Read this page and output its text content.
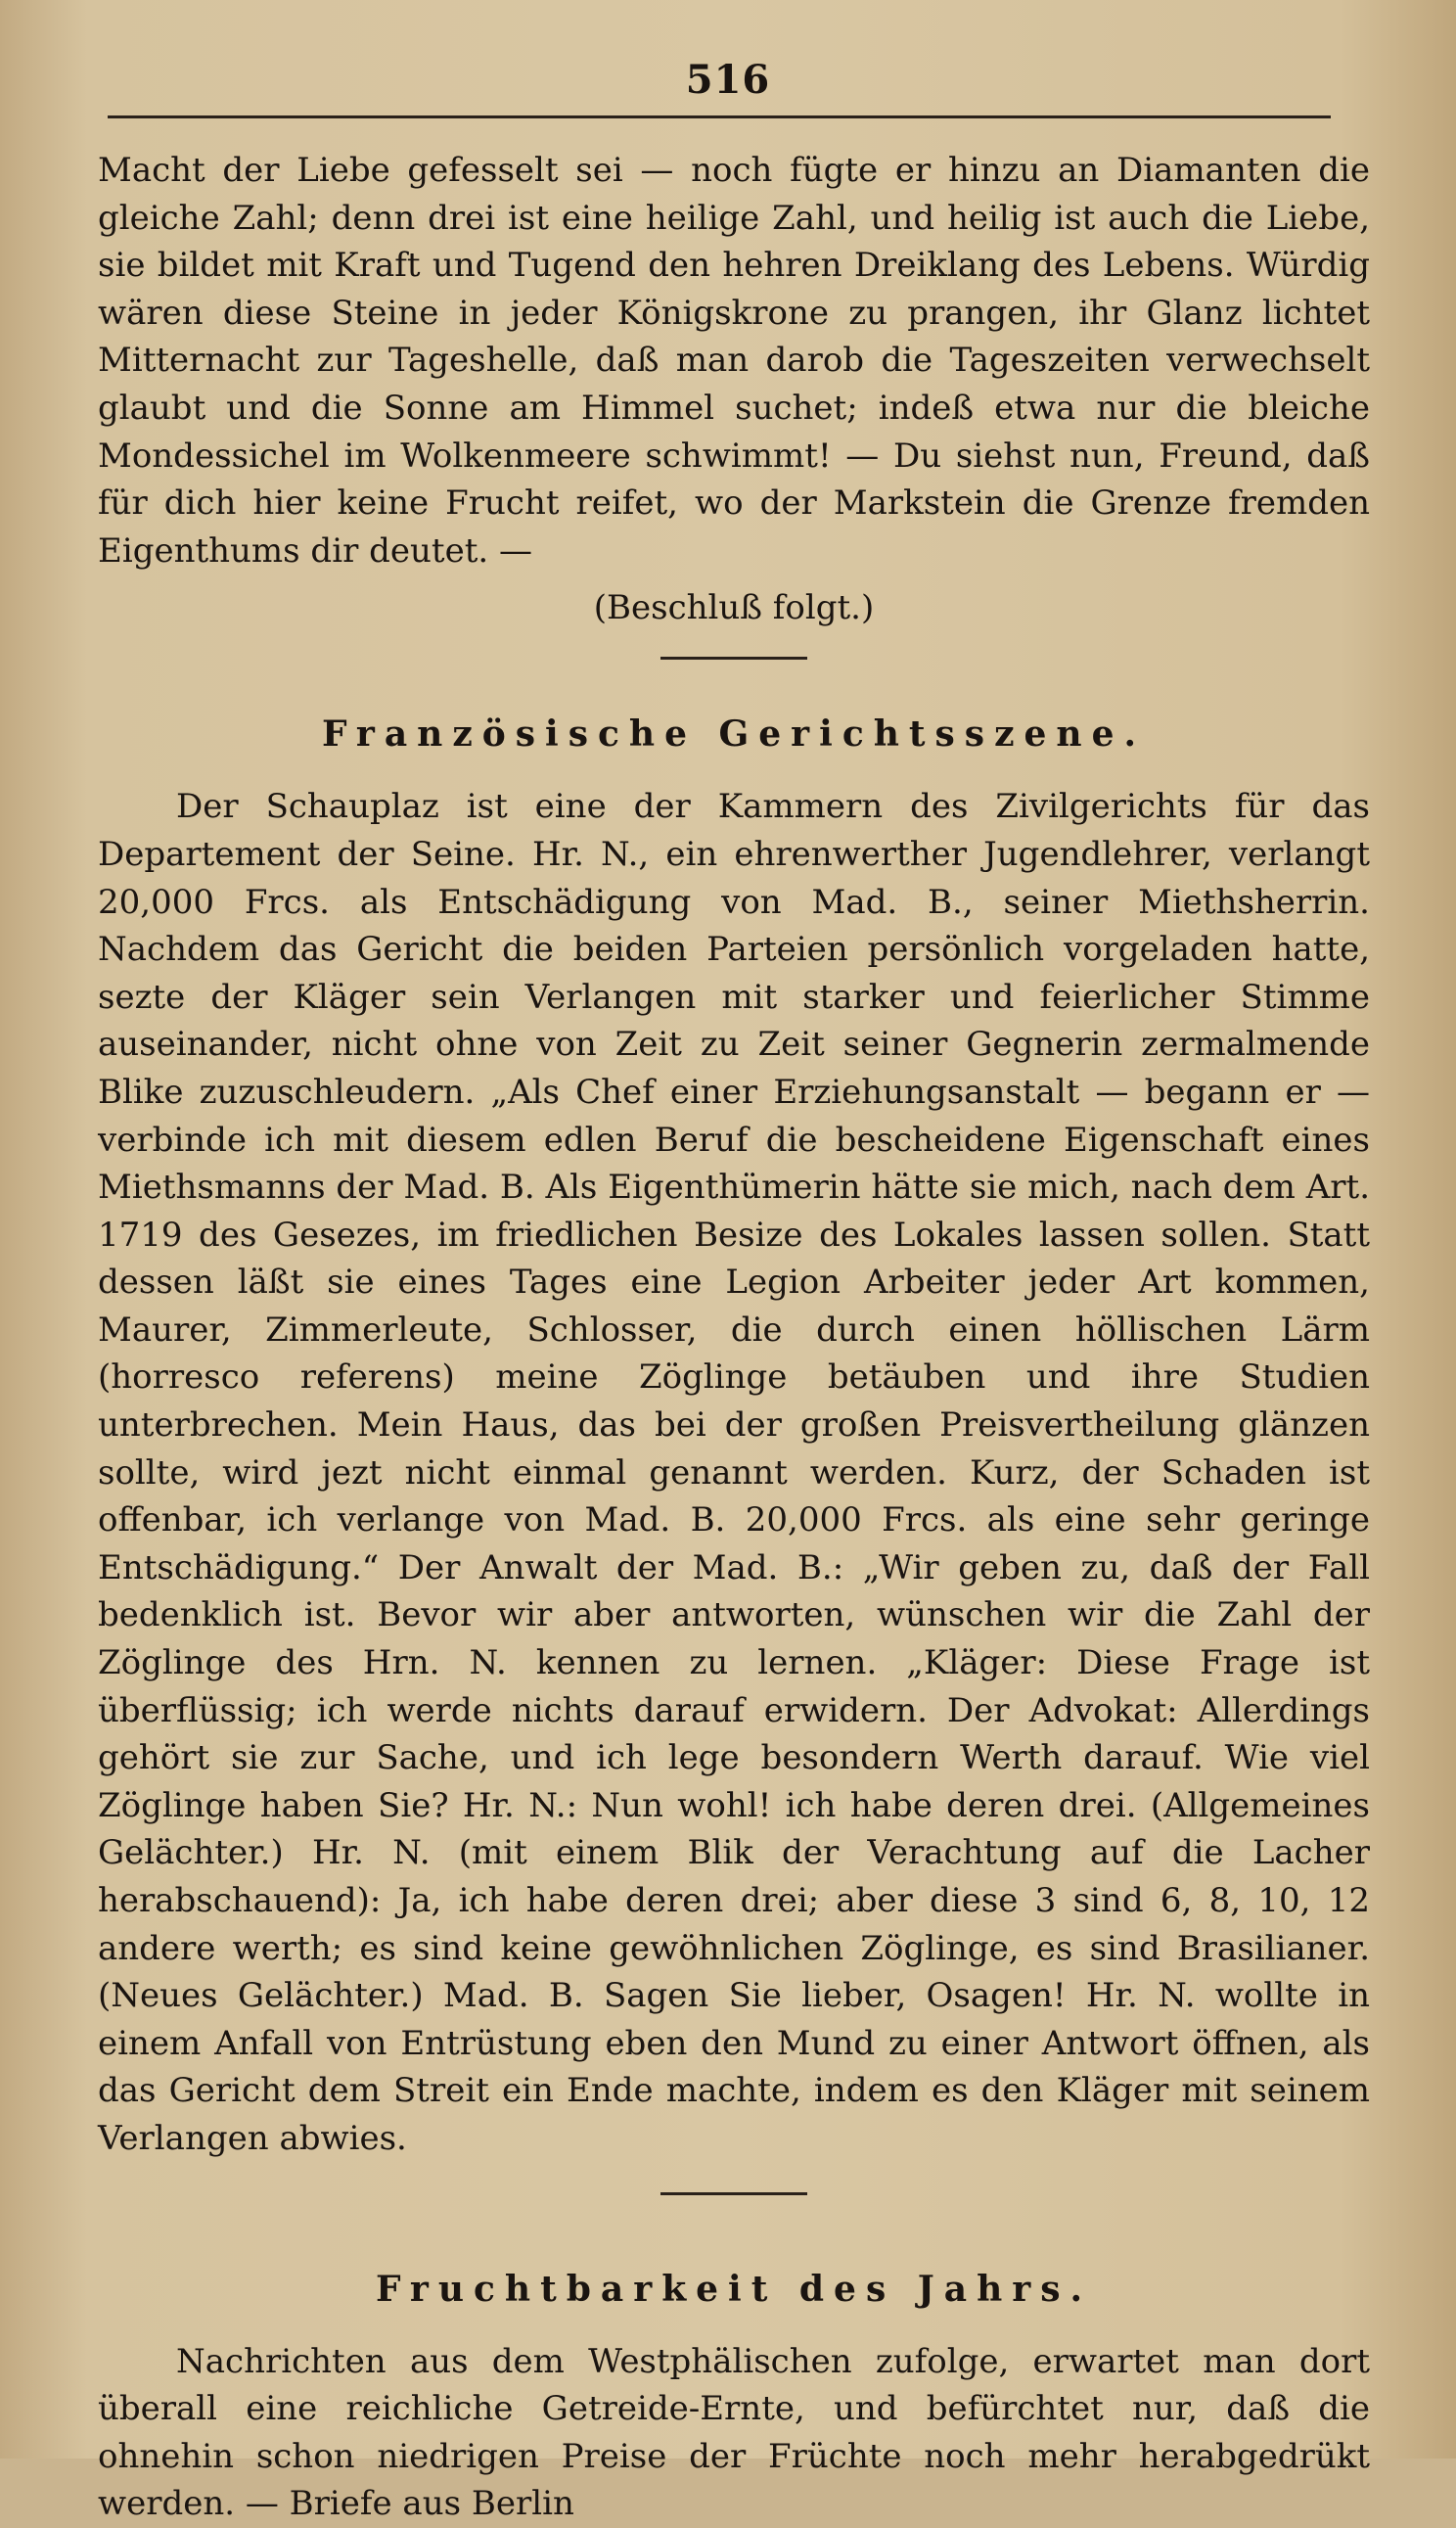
516

Macht der Liebe gefesselt sei — noch fügte er hinzu an Diamanten die gleiche Zahl; denn drei ist eine heilige Zahl, und heilig ist auch die Liebe, sie bildet mit Kraft und Tugend den hehren Dreiklang des Lebens. Würdig wären diese Steine in jeder Königskrone zu prangen, ihr Glanz lichtet Mitternacht zur Tageshelle, daß man darob die Tageszeiten verwechselt glaubt und die Sonne am Himmel suchet; indeß etwa nur die bleiche Mondessichel im Wolkenmeere schwimmt! — Du siehst nun, Freund, daß für dich hier keine Frucht reifet, wo der Markstein die Grenze fremden Eigenthums dir deutet. —

(Beschluß folgt.)

Französische Gerichtsszene.

Der Schauplaz ist eine der Kammern des Zivilgerichts für das Departement der Seine. Hr. N., ein ehrenwerther Jugendlehrer, verlangt 20,000 Frcs. als Entschädigung von Mad. B., seiner Miethsherrin. Nachdem das Gericht die beiden Parteien persönlich vorgeladen hatte, sezte der Kläger sein Verlangen mit starker und feierlicher Stimme auseinander, nicht ohne von Zeit zu Zeit seiner Gegnerin zermalmende Blike zuzuschleudern. „Als Chef einer Erziehungsanstalt — begann er — verbinde ich mit diesem edlen Beruf die bescheidene Eigenschaft eines Miethsmanns der Mad. B. Als Eigenthümerin hätte sie mich, nach dem Art. 1719 des Gesezes, im friedlichen Besize des Lokales lassen sollen. Statt dessen läßt sie eines Tages eine Legion Arbeiter jeder Art kommen, Maurer, Zimmerleute, Schlosser, die durch einen höllischen Lärm (horresco referens) meine Zöglinge betäuben und ihre Studien unterbrechen. Mein Haus, das bei der großen Preisvertheilung glänzen sollte, wird jezt nicht einmal genannt werden. Kurz, der Schaden ist offenbar, ich verlange von Mad. B. 20,000 Frcs. als eine sehr geringe Entschädigung.“ Der Anwalt der Mad. B.: „Wir geben zu, daß der Fall bedenklich ist. Bevor wir aber antworten, wünschen wir die Zahl der Zöglinge des Hrn. N. kennen zu lernen. „Kläger: Diese Frage ist überflüssig; ich werde nichts darauf erwidern. Der Advokat: Allerdings gehört sie zur Sache, und ich lege besondern Werth darauf. Wie viel Zöglinge haben Sie? Hr. N.: Nun wohl! ich habe deren drei. (Allgemeines Gelächter.) Hr. N. (mit einem Blik der Verachtung auf die Lacher herabschauend): Ja, ich habe deren drei; aber diese 3 sind 6, 8, 10, 12 andere werth; es sind keine gewöhnlichen Zöglinge, es sind Brasilianer. (Neues Gelächter.) Mad. B. Sagen Sie lieber, Osagen! Hr. N. wollte in einem Anfall von Entrüstung eben den Mund zu einer Antwort öffnen, als das Gericht dem Streit ein Ende machte, indem es den Kläger mit seinem Verlangen abwies.

Fruchtbarkeit des Jahrs.

Nachrichten aus dem Westphälischen zufolge, erwartet man dort überall eine reichliche Getreide-Ernte, und befürchtet nur, daß die ohnehin schon niedrigen Preise der Früchte noch mehr herabgedrükt werden. — Briefe aus Berlin
